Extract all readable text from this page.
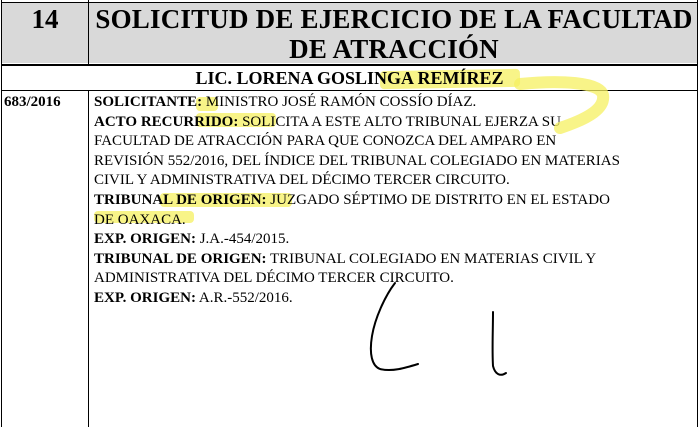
14	SOLICITUD DE EJERCICIO DE LA FACULTAD
DE ATRACCIÓN
LIC. LORENA GOSLINGA REMÍREZ
683/2016 SOLICITANTE: MINISTRO JOSÉ RAMÓN COSSÍO DÍAZ.

ACTO RECURRIDO: SOLICITA A ESTE ALTO TRIBUNAL EJERZA SU

FACULTAD DE ATRACCIÓN PARA QUE CONOZCA DEL AMPARO EN

REVISIÓN 552/2016, DEL ÍNDICE DEL TRIBUNAL COLEGIADO EN MATERIAS

CIVIL Y ADMINISTRATIVA DEL DÉCIMO TERCER CIRCUITO.

TRIBUNAL DE ORIGEN: JUZGADO SÉPTIMO DE DISTRITO EN EL ESTADO

DE OAXACA.

EXP. ORIGEN: J.A.-454/2015.

TRIBUNAL DE ORIGEN: TRIBUNAL COLEGIADO EN MATERIAS CIVIL Y

ADMINISTRATIVA DEL DÉCIMO TERCER CIRCUITO.

EXP. ORIGEN: A.R.-552/2016.
